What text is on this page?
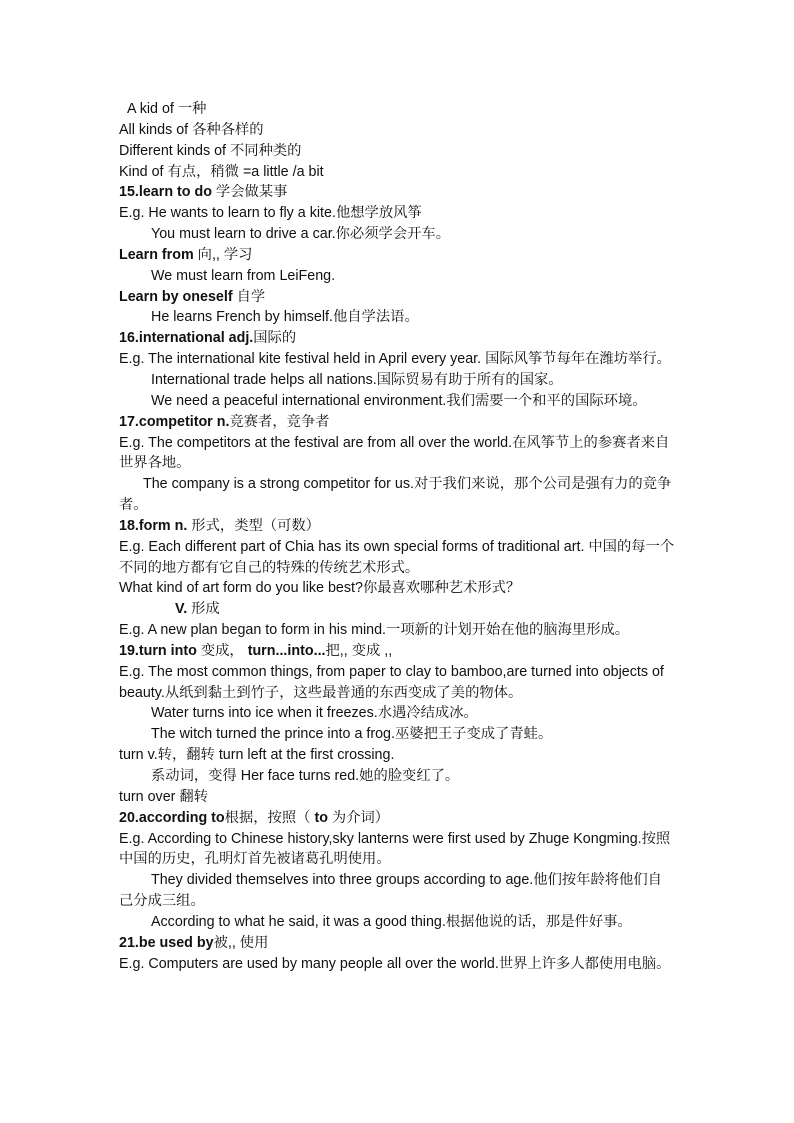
A kid of 一种
All kinds of 各种各样的
Different kinds of 不同种类的
Kind of 有点，稍微 =a little /a bit
15.learn to do 学会做某事
E.g. He wants to learn to fly a kite.他想学放风筝
You must learn to drive a car.你必须学会开车。
Learn from 向,, 学习
We must learn from LeiFeng.
Learn by oneself 自学
He learns French by himself.他自学法语。
16.international adj.国际的
E.g. The international kite festival held in April every year. 国际风筝节每年在潍坊举行。
International trade helps all nations.国际贸易有助于所有的国家。
We need a peaceful international environment.我们需要一个和平的国际环境。
17.competitor n.竞赛者，竞争者
E.g. The competitors at the festival are from all over the world.在风筝节上的参赛者来自世界各地。
The company is a strong competitor for us.对于我们来说，那个公司是强有力的竞争者。
18.form n. 形式，类型（可数）
E.g. Each different part of Chia has its own special forms of traditional art. 中国的每一个不同的地方都有它自己的特殊的传统艺术形式。
What kind of art form do you like best?你最喜欢哪种艺术形式？
V. 形成
E.g. A new plan began to form in his mind.一项新的计划开始在他的脑海里形成。
19.turn into 变成， turn...into...把,, 变成 ,,
E.g. The most common things, from paper to clay to bamboo,are turned into objects of beauty.从纸到黏土到竹子，这些最普通的东西变成了美的物体。
Water turns into ice when it freezes.水遇冷结成冰。
The witch turned the prince into a frog.巫婆把王子变成了青蛙。
turn v.转，翻转 turn left at the first crossing.
系动词，变得 Her face turns red.她的脸变红了。
turn over 翻转
20.according to根据，按照（ to 为介词）
E.g. According to Chinese history,sky lanterns were first used by Zhuge Kongming.按照中国的历史，孔明灯首先被诸葛孔明使用。
They divided themselves into three groups according to age.他们按年龄将他们自己分成三组。
According to what he said, it was a good thing.根据他说的话，那是件好事。
21.be used by被,, 使用
E.g. Computers are used by many people all over the world.世界上许多人都使用电脑。
